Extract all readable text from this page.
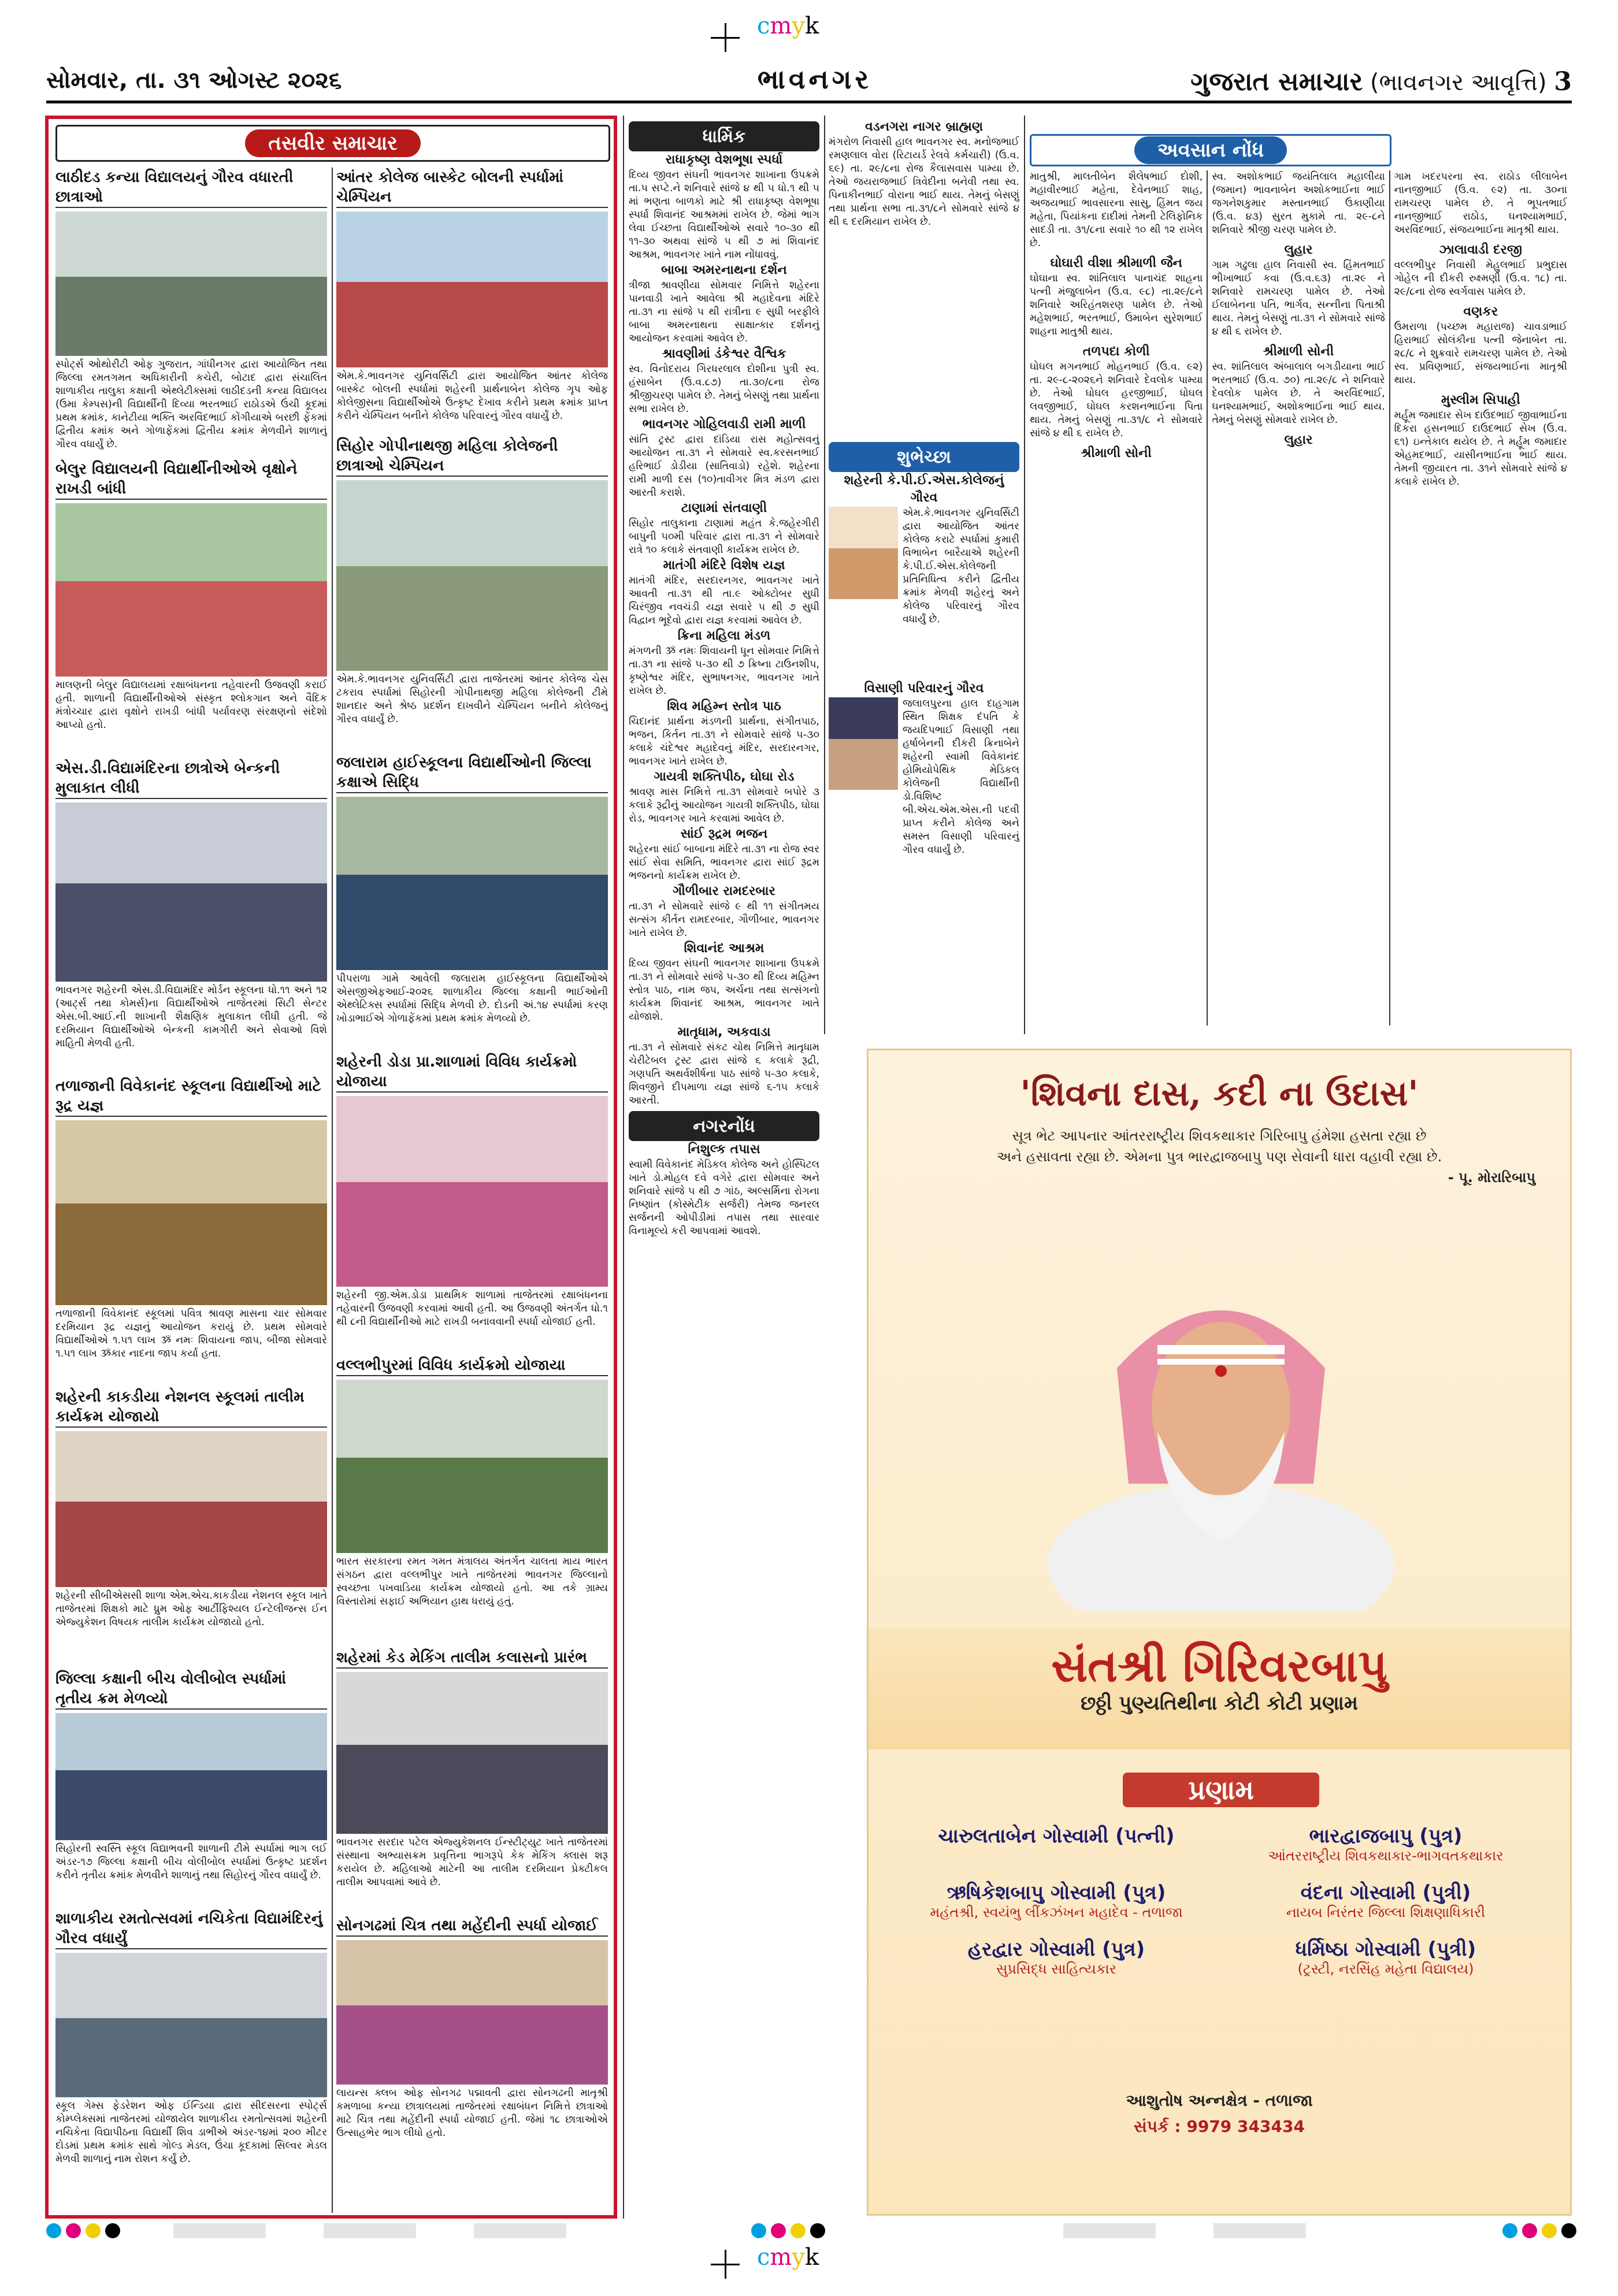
cmyk
સોમવાર, તા. ૩૧ ઓગસ્ટ ૨૦૨૬	ભાવનગર	ગુજરાત સમાચાર (ભાવનગર આવૃત્તિ) 3
તસવીર સમાચાર
લાઠીદડ કન્યા વિદ્યાલયનું ગૌરવ વધારતી છાત્રાઓ
સ્પોર્ટ્સ ઓથોરીટી ઓફ ગુજરાત, ગાંધીનગર દ્વારા આયોજિત તથા જિલ્લા રમતગમત અધિકારીની કચેરી, બોટાદ દ્વારા સંચાલિત શાળાકીય તાલુકા કક્ષાની એથ્લેટીક્સમાં લાઠીદડની કન્યા વિદ્યાલય (ઉમા કેમ્પસ)ની વિદ્યાર્થીની દિવ્યા ભરતભાઈ રાઠોડએ ઉંચી કૂદમાં પ્રથમ ક્રમાંક, કાનેટીયા ભક્તિ અરવિંદભાઈ કોંગીયાએ બરછી ફેંકમાં દ્વિતીય ક્રમાંક અને ગોળાફેંકમાં દ્વિતીય ક્રમાંક મેળવીને શાળાનું ગૌરવ વધાર્યું છે.
બેલુર વિદ્યાલયની વિદ્યાર્થીનીઓએ વૃક્ષોને રાખડી બાંધી
માલણની બેલુર વિદ્યાલયમાં રક્ષાબંધનના તહેવારની ઉજવણી કરાઈ હતી. શાળાની વિદ્યાર્થીનીઓએ સંસ્કૃત શ્લોકગાન અને વૈદિક મંત્રોચ્ચાર દ્વારા વૃક્ષોને રાખડી બાંધી પર્યાવરણ સંરક્ષણનો સંદેશો આપ્યો હતો.
એસ.ડી.વિદ્યામંદિરના છાત્રોએ બેન્કની મુલાકાત લીધી
ભાવનગર શહેરની એસ.ડી.વિદ્યામંદિર મોર્ડન સ્કૂલના ધો.૧૧ અને ૧૨ (આર્ટ્સ તથા કોમર્સ)ના વિદ્યાર્થીઓએ તાજેતરમાં સિટી સેન્ટર એસ.બી.આઈ.ની શાખાની શૈક્ષણિક મુલાકાત લીધી હતી. જે દરમિયાન વિદ્યાર્થીઓએ બેન્કની કામગીરી અને સેવાઓ વિશે માહિતી મેળવી હતી.
તળાજાની વિવેકાનંદ સ્કૂલના વિદ્યાર્થીઓ માટે રૂદ્ર યજ્ઞ
તળાજાની વિવેકાનંદ સ્કૂલમાં પવિત્ર શ્રાવણ માસના ચાર સોમવાર દરમિયાન રૂદ્ર યજ્ઞનું આયોજન કરાયું છે. પ્રથમ સોમવારે વિદ્યાર્થીઓએ ૧.૫૧ લાખ ૐ નમઃ શિવાયના જાપ, બીજા સોમવારે ૧.૫૧ લાખ ૐકાર નાદના જાપ કર્યા હતા.
શહેરની કાકડીયા નેશનલ સ્કૂલમાં તાલીમ કાર્યક્રમ યોજાયો
શહેરની સીબીએસસી શાળા એમ.એચ.કાકડીયા નેશનલ સ્કૂલ ખાતે તાજેતરમાં શિક્ષકો માટે ધ્રુમ ઓફ આર્ટીફિશ્યલ ઈન્ટેલીજન્સ ઈન એજ્યુકેશન વિષયક તાલીમ કાર્યક્રમ યોજાયો હતો.
જિલ્લા કક્ષાની બીચ વોલીબોલ સ્પર્ધામાં તૃતીય ક્રમ મેળવ્યો
સિહોરની સ્વસ્તિ સ્કૂલ વિદ્યાભવની શાળાની ટીમે સ્પર્ધામાં ભાગ લઈ અંડર-૧૭ જિલ્લા કક્ષાની બીચ વોલીબોલ સ્પર્ધામાં ઉત્કૃષ્ટ પ્રદર્શન કરીને તૃતીય ક્રમાંક મેળવીને શાળાનું તથા સિહોરનું ગૌરવ વધાર્યું છે.
શાળાકીય રમતોત્સવમાં નચિકેતા વિદ્યામંદિરનું ગૌરવ વધાર્યું
સ્કૂલ ગેમ્સ ફેડરેશન ઓફ ઈન્ડિયા દ્વારા સીદસરના સ્પોર્ટ્સ કોમ્પ્લેક્સમાં તાજેતરમાં યોજાયેલ શાળાકીય રમતોત્સવમાં શહેરની નચિકેતા વિદ્યાપીઠના વિદ્યાર્થી શિવ ડાભીએ અંડર-૧૪માં ૨૦૦ મીટર દોડમાં પ્રથમ ક્રમાંક સાથે ગોલ્ડ મેડલ, ઉંચા કૂદકામાં સિલ્વર મેડલ મેળવી શાળાનું નામ રોશન કર્યું છે.
આંતર કોલેજ બાસ્કેટ બોલની સ્પર્ધામાં ચેમ્પિયન
એમ.કે.ભાવનગર યુનિવર્સિટી દ્વારા આયોજિત આંતર કોલેજ બાસ્કેટ બોલની સ્પર્ધામાં શહેરની પ્રાર્થનાબેન કોલેજ ગૃપ ઓફ કોલેજીસના વિદ્યાર્થીઓએ ઉત્કૃષ્ટ દેખાવ કરીને પ્રથમ ક્રમાંક પ્રાપ્ત કરીને ચેમ્પિયન બનીને કોલેજ પરિવારનું ગૌરવ વધાર્યું છે.
સિહોર ગોપીનાથજી મહિલા કોલેજની છાત્રાઓ ચેમ્પિયન
એમ.કે.ભાવનગર યુનિવર્સિટી દ્વારા તાજેતરમાં આંતર કોલેજ ચેસ ટકરાવ સ્પર્ધામાં સિહોરની ગોપીનાથજી મહિલા કોલેજની ટીમે શાનદાર અને શ્રેષ્ઠ પ્રદર્શન દાખવીને ચેમ્પિયન બનીને કોલેજનું ગૌરવ વધાર્યું છે.
જલારામ હાઈસ્કૂલના વિદ્યાર્થીઓની જિલ્લા કક્ષાએ સિદ્ધિ
પીપરાળા ગામે આવેલી જલારામ હાઈસ્કૂલના વિદ્યાર્થીઓએ એસજીએફઆઈ-૨૦૨૬ શાળાકીય જિલ્લા કક્ષાની ભાઈઓની એથ્લેટિક્સ સ્પર્ધામાં સિદ્ધિ મેળવી છે. દોડની અં.૧૪ સ્પર્ધામાં કરણ ખોડાભાઈએ ગોળાફેંકમાં પ્રથમ ક્રમાંક મેળવ્યો છે.
શહેરની ડોડા પ્રા.શાળામાં વિવિધ કાર્યક્રમો યોજાયા
શહેરની જી.એમ.ડોડા પ્રાથમિક શાળામાં તાજેતરમાં રક્ષાબંધનના તહેવારની ઉજવણી કરવામાં આવી હતી. આ ઉજવણી અંતર્ગત ધો.૧ થી ૮ની વિદ્યાર્થીનીઓ માટે રાખડી બનાવવાની સ્પર્ધા યોજાઈ હતી.
વલ્લભીપુરમાં વિવિધ કાર્યક્રમો યોજાયા
ભારત સરકારના રમત ગમત મંત્રાલય અંતર્ગત ચાલતા માય ભારત સંગઠન દ્વારા વલ્લભીપુર ખાતે તાજેતરમાં ભાવનગર જિલ્લાનો સ્વચ્છતા પખવાડિયા કાર્યક્રમ યોજાયો હતો. આ તકે ગ્રામ્ય વિસ્તારોમાં સફાઈ અભિયાન હાથ ધરાયું હતું.
શહેરમાં કેડ મેકિંગ તાલીમ કલાસનો પ્રારંભ
ભાવનગર સરદાર પટેલ એજ્યુકેશનલ ઈન્સ્ટીટ્યુટ ખાતે તાજેતરમાં સંસ્થાના અભ્યાસક્રમ પ્રવૃત્તિના ભાગરૂપે કેક મેકિંગ ક્લાસ શરૂ કરાયેલ છે. મહિલાઓ માટેની આ તાલીમ દરમિયાન પ્રેક્ટીકલ તાલીમ આપવામાં આવે છે.
સોનગઢમાં ચિત્ર તથા મહેંદીની સ્પર્ધા યોજાઈ
લાયન્સ ક્લબ ઓફ સોનગઢ પદ્માવતી દ્વારા સોનગઢની માતૃશ્રી કમળાબા કન્યા છાત્રાલયમાં તાજેતરમાં રક્ષાબંધન નિમિત્તે છાત્રાઓ માટે ચિત્ર તથા મહેંદીની સ્પર્ધા યોજાઈ હતી. જેમાં ૧૮ છાત્રાઓએ ઉત્સાહભેર ભાગ લીધો હતો.
ધાર્મિક
રાધાકૃષ્ણ વેશભૂષા સ્પર્ધા
દિવ્ય જીવન સંઘની ભાવનગર શાખાના ઉપક્રમે તા.૫ સપ્ટે.ને શનિવારે સાંજે ૪ થી ૫ ધો.૧ થી ૫ માં ભણતા બાળકો માટે શ્રી રાધાકૃષ્ણ વેશભૂષા સ્પર્ધા શિવાનંદ આશ્રમમાં રાખેલ છે. જેમાં ભાગ લેવા ઈચ્છતા વિદ્યાર્થીઓએ સવારે ૧૦-૩૦ થી ૧૧-૩૦ અથવા સાંજે ૫ થી ૭ માં શિવાનંદ આશ્રમ, ભાવનગર ખાતે નામ નોંધાવવું.
બાબા અમરનાથના દર્શન
ત્રીજા શ્રાવણીયા સોમવાર નિમિત્તે શહેરના પાનવાડી ખાતે આવેલા શ્રી મહાદેવના મંદિરે તા.૩૧ ના સાંજે ૫ થી રાત્રીના ૯ સુધી બરફીલે બાબા અમરનાથના સાક્ષાત્કાર દર્શનનું આયોજન કરવામાં આવેલ છે.
શ્રાવણીમાં ડંકેશ્વર વૈશ્વિક
સ્વ. વિનોદરાય ગિરધરલાલ દોશીના પુત્રી સ્વ. હંસાબેન (ઉ.વ.૮૭) તા.૩૦/૮ના રોજ શ્રીજીચરણ પામેલ છે. તેમનું બેસણું તથા પ્રાર્થના સભા રાખેલ છે.
ભાવનગર ગોહિલવાડી રામી માળી
સાંતિ ટ્રસ્ટ દ્વારા દાંડિયા રાસ મહોત્સવનું આયોજન તા.૩૧ ને સોમવારે સ્વ.કરસનભાઈ હરિભાઈ ડોડીયા (સાતિવાડો) રહેશે. શહેરના રામી માળી દસ (૧૦)તાવીગર મિત્ર મંડળ દ્વારા આરતી કરાશે.
ટાણામાં સંતવાણી
સિહોર તાલુકાના ટાણામાં મહંત કે.જહેરગીરી બાપુની ૫૦મી પરિવાર દ્વારા તા.૩૧ ને સોમવારે રાત્રે ૧૦ કલાકે સંતવાણી કાર્યક્રમ રાખેલ છે.
માતંગી મંદિરે વિશેષ યજ્ઞ
માતંગી મંદિર, સરદારનગર, ભાવનગર ખાતે આવતી તા.૩૧ થી તા.૯ ઓક્ટોબર સુધી ચિરંજીવ નવચંડી યજ્ઞ સવારે ૫ થી ૭ સુધી વિદ્વાન ભૂદેવો દ્વારા યજ્ઞ કરવામાં આવેલ છે.
ક્રિના મહિલા મંડળ
મંગળની ૐ નમઃ શિવાયની ધૂન સોમવાર નિમિત્તે તા.૩૧ ના સાંજે ૫-૩૦ થી ૭ ક્રિષ્ના ટાઉનશીપ, કૃષ્ણેશ્વર મંદિર, સુભાષનગર, ભાવનગર ખાતે રાખેલ છે.
શિવ મહિમ્ન સ્તોત્ર પાઠ
ચિદાનંદ પ્રાર્થના મંડળની પ્રાર્થના, સંગીતપાઠ, ભજન, કિર્તન તા.૩૧ ને સોમવારે સાંજે ૫-૩૦ કલાકે ચંદેશ્વર મહાદેવનું મંદિર, સરદારનગર, ભાવનગર ખાતે રાખેલ છે.
ગાયત્રી શક્તિપીઠ, ઘોઘા રોડ
શ્રાવણ માસ નિમિત્તે તા.૩૧ સોમવારે બપોરે ૩ કલાકે રૂદ્રીનું આયોજન ગાયત્રી શક્તિપીઠ, ઘોઘા રોડ, ભાવનગર ખાતે કરવામાં આવેલ છે.
સાંઈ રૂદ્રમ ભજન
શહેરના સાંઈ બાબાના મંદિરે તા.૩૧ ના રોજ સ્વર સાંઈ સેવા સમિતિ, ભાવનગર દ્વારા સાંઈ રૂદ્રમ ભજનનો કાર્યક્રમ રાખેલ છે.
ગૌળીબાર રામદરબાર
તા.૩૧ ને સોમવારે સાંજે ૯ થી ૧૧ સંગીતમય સત્સંગ કીર્તન રામદરબાર, ગૌળીબાર, ભાવનગર ખાતે રાખેલ છે.
શિવાનંદ આશ્રમ
દિવ્ય જીવન સંઘની ભાવનગર શાખાના ઉપક્રમે તા.૩૧ ને સોમવારે સાંજે ૫-૩૦ થી દિવ્ય મહિમ્ન સ્તોત્ર પાઠ, નામ જપ, અર્ચના તથા સત્સંગનો કાર્યક્રમ શિવાનંદ આશ્રમ, ભાવનગર ખાતે યોજાશે.
માતૃધામ, અકવાડા
તા.૩૧ ને સોમવારે સંકટ ચોથ નિમિત્તે માતૃધામ ચેરીટેબલ ટ્રસ્ટ દ્વારા સાંજે ૬ કલાકે રૂદ્રી, ગણપતિ અથર્વશીર્ષના પાઠ સાંજે ૫-૩૦ કલાકે, શિવજીને દીપમાળા યજ્ઞ સાંજે ૬-૧૫ કલાકે આરતી.
નગરનોંધ
નિશુલ્ક તપાસ
સ્વામી વિવેકાનંદ મેડિકલ કોલેજ અને હોસ્પિટલ ખાતે ડો.મોહલ દવે વગેરે દ્વારા સોમવાર અને શનિવારે સાંજે ૫ થી ૭ ગાંઠ, અલ્સર્મિના રોગના નિષ્ણાંત (કોસ્મેટીક સર્જરી) તેમજ જનરલ સર્જનની ઓપીડીમાં તપાસ તથા સારવાર વિનામૂલ્યે કરી આપવામાં આવશે.
વડનગરા નાગર બ્રાહ્મણ
મંગરોળ નિવાસી હાલ ભાવનગર સ્વ. મનોજભાઈ રમણલાલ વોરા (રિટાયર્ડ રેલવે કર્મચારી) (ઉ.વ. ૬૯) તા. ૨૯/૮ના રોજ કૈલાસવાસ પામ્યા છે. તેઓ જયરાજભાઈ ત્રિવેદીના બનેવી તથા સ્વ. પિનાકીનભાઈ વોરાના ભાઈ થાય. તેમનું બેસણું તથા પ્રાર્થના સભા તા.૩૧/૮ને સોમવારે સાંજે ૪ થી ૬ દરમિયાન રાખેલ છે.
શુભેચ્છા
શહેરની કે.પી.ઈ.એસ.કોલેજનું ગૌરવ
એમ.કે.ભાવનગર યુનિવર્સિટી દ્વારા આયોજિત આંતર કોલેજ કરાટે સ્પર્ધામાં કુમારી વિભાબેન બારૈયાએ શહેરની કે.પી.ઈ.એસ.કોલેજની પ્રતિનિધિત્વ કરીને દ્વિતીય ક્રમાંક મેળવી શહેરનું અને કોલેજ પરિવારનું ગૌરવ વધાર્યું છે.
વિસાણી પરિવારનું ગૌરવ
જલાલપુરના હાલ દાહગામ સ્થિત શિક્ષક દંપતિ કે જયદિપભાઈ વિસાણી તથા હર્ષાબેનની દીકરી ક્રિનાબેને શહેરની સ્વામી વિવેકાનંદ હોમિયોપેથિક મેડિકલ કોલેજની વિદ્યાર્થીની ડો.વિશિષ્ટ બી.એચ.એમ.એસ.ની પદવી પ્રાપ્ત કરીને કોલેજ અને સમસ્ત વિસાણી પરિવારનું ગૌરવ વધાર્યું છે.
અવસાન નોંધ
માતુશ્રી, માલતીબેન શૈલેષભાઈ દોશી, મહાવીરભાઈ મહેતા, દેવેનભાઈ શાહ, અજયભાઈ ભાવસારના સાસુ, હિંમત જય મહેતા, પિયાંકના દાદીમાં તેમની ટેલિફોનિક સાદડી તા. ૩૧/૮ના સવારે ૧૦ થી ૧૨ રાખેલ છે.
ઘોઘારી વીશા શ્રીમાળી જૈન
ઘોઘાના સ્વ. શાંતિલાલ પાનાચંદ શાહના પત્ની મંજુલાબેન (ઉ.વ. ૯૮) તા.૨૯/૮ને શનિવારે અરિહંતશરણ પામેલ છે. તેઓ મહેશભાઈ, ભરતભાઈ, ઉમાબેન સુરેશભાઈ શાહના માતુશ્રી થાય.
તળપદા કોળી
ઘોઘલ મગનભાઈ મોહનભાઈ (ઉ.વ. ૯૨) તા. ૨૯-૮-૨૦૨૬ને શનિવારે દેવલોક પામ્યા છે. તેઓ ઘોઘલ હરજીભાઈ, ધોઘલ લવજીભાઈ, ઘોઘલ કરશનભાઈના પિતા થાય. તેમનું બેસણું તા.૩૧/૮ ને સોમવારે સાંજે ૪ થી ૬ રાખેલ છે.
શ્રીમાળી સોની
સ્વ. અશોકભાઈ જયંતિલાલ મહાલીયા (જમાન) ભાવનાબેન અશોકભાઈના ભાઈ જગનેશકુમાર મસ્તાનભાઈ ઉકાણીયા (ઉ.વ. ૪૩) સુરત મુકામે તા. ૨૯-૮ને શનિવારે શ્રીજી ચરણ પામેલ છે.
લુહાર
ગામ ગઢુલા હાલ નિવાસી સ્વ. હિંમતભાઈ ભીખાભાઈ કવા (ઉ.વ.૬૩) તા.૨૯ ને શનિવારે રામચરણ પામેલ છે. તેઓ ઈલાબેનના પતિ, ભાર્ગવ, સન્નીના પિતાશ્રી થાય. તેમનું બેસણું તા.૩૧ ને સોમવારે સાંજે ૪ થી ૬ રાખેલ છે.
શ્રીમાળી સોની
સ્વ. શાંતિલાલ અંબાલાલ બગડીયાના ભાઈ ભરતભાઈ (ઉ.વ. ૭૦) તા.૨૯/૮ ને શનિવારે દેવલોક પામેલ છે. તે અરવિંદભાઈ, ઘનશ્યામભાઈ, અશોકભાઈના ભાઈ થાય. તેમનું બેસણું સોમવારે રાખેલ છે.
લુહાર
ગામ ખદરપરના સ્વ. રાઠોડ લીલાબેન નાનજીભાઈ (ઉ.વ. ૯૨) તા. ૩૦ના રામચરણ પામેલ છે. તે ભૂપતભાઈ નાનજીભાઈ રાઠોડ, ઘનશ્યામભાઈ, અરવિંદભાઈ, સંજયભાઈના માતૃશ્રી થાય.
ઝાલાવાડી દરજી
વલ્લભીપુર નિવાસી મેહુલભાઈ પ્રભુદાસ ગોહેલ ની દીકરી રુક્ષ્મણી (ઉ.વ. ૧૮) તા. ૨૯/૮ના રોજ સ્વર્ગવાસ પામેલ છે.
વણકર
ઉમરાળા (પચ્છમ મહારાજ) ચાવડાભાઈ હિરાભાઈ સોલંકીના પત્ની જેનાબેન તા. ૨૮/૮ ને શુક્રવારે રામચરણ પામેલ છે. તેઓ સ્વ. પ્રવિણભાઈ, સંજયભાઈના માતૃશ્રી થાય.
મુસ્લીમ સિપાહી
મર્હૂમ જમાદાર સેખ દાઉદભાઈ જીવાભાઈના દિકરા હસનભાઈ દાઉદભાઈ સેખ (ઉ.વ. ૬૧) ઇન્તેકાલ થયેલ છે. તે મર્હૂમ જમાદાર એહમદભાઈ, યાસીનભાઈના ભાઈ થાય. તેમની જીયારત તા. ૩૧ને સોમવારે સાંજે ૪ કલાકે રાખેલ છે.
'શિવના દાસ, કદી ના ઉદાસ'
સૂત્ર ભેટ આપનાર આંતરરાષ્ટ્રીય શિવકથાકાર ગિરિબાપુ હંમેશા હસતા રહ્યા છે
અને હસાવતા રહ્યા છે. એમના પુત્ર ભારદ્વાજબાપુ પણ સેવાની ધારા વહાવી રહ્યા છે.
- પૂ. મોરારિબાપુ
સંતશ્રી ગિરિવરબાપુ
છઠ્ઠી પુણ્યતિથીના કોટી કોટી પ્રણામ
પ્રણામ
ચારુલતાબેન ગોસ્વામી (પત્ની)	ભારદ્વાજબાપુ (પુત્ર)
આંતરરાષ્ટ્રીય શિવકથાકાર-ભાગવતકથાકાર
ઋષિકેશબાપુ ગોસ્વામી (પુત્ર)
મહંતશ્રી, સ્વયંભુ લીંકઝંખન મહાદેવ - તળાજા
વંદના ગોસ્વામી (પુત્રી)
નાયબ નિરંતર જિલ્લા શિક્ષણાધિકારી
હરદ્વાર ગોસ્વામી (પુત્ર)
સુપ્રસિદ્ધ સાહિત્યકાર
ધર્મિષ્ઠા ગોસ્વામી (પુત્રી)
(ટ્રસ્ટી, નરસિંહ મહેતા વિદ્યાલય)
આશુતોષ અન્નક્ષેત્ર - તળાજા
સંપર્ક : 9979 343434
cmyk
